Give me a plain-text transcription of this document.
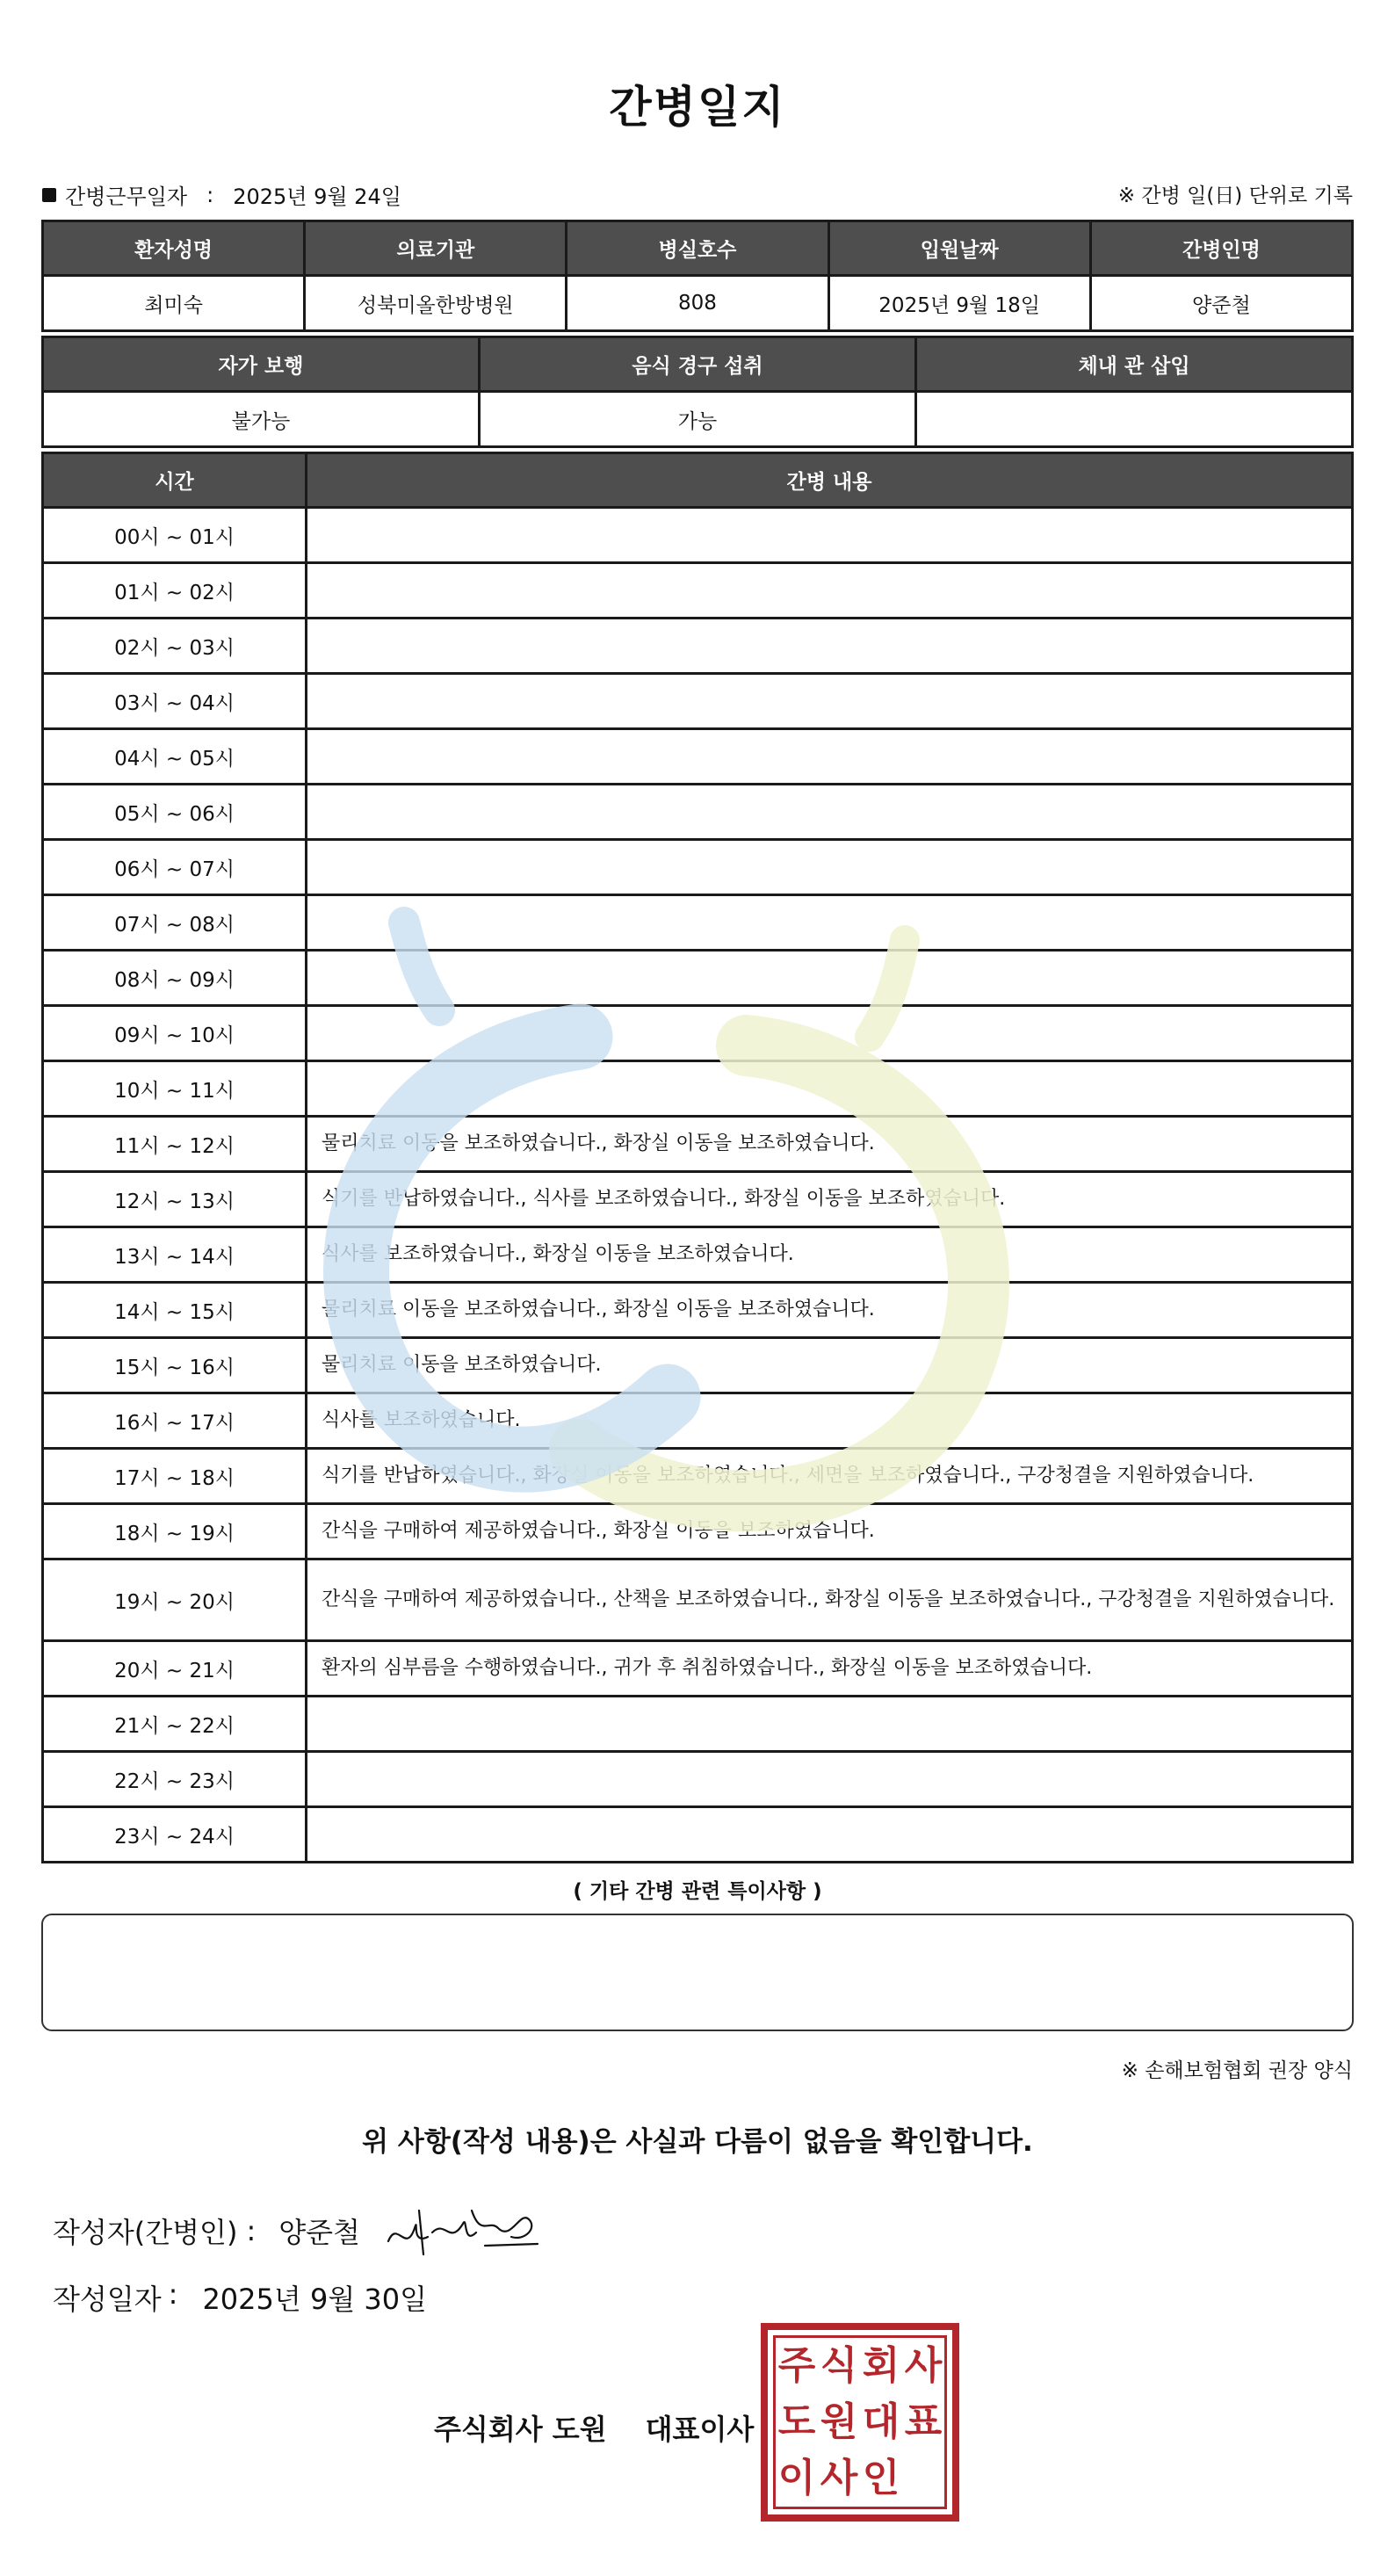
간병일지
간병근무일자 : 2025년 9월 24일	※ 간병 일(日) 단위로 기록
환자성명	의료기관	병실호수	입원날짜	간병인명
최미숙	성북미올한방병원	808	2025년 9월 18일	양준철
자가 보행	음식 경구 섭취	체내 관 삽입
불가능	가능	
시간	간병 내용
00시 ~ 01시	
01시 ~ 02시	
02시 ~ 03시	
03시 ~ 04시	
04시 ~ 05시	
05시 ~ 06시	
06시 ~ 07시	
07시 ~ 08시	
08시 ~ 09시	
09시 ~ 10시	
10시 ~ 11시	
11시 ~ 12시	물리치료 이동을 보조하였습니다., 화장실 이동을 보조하였습니다.
12시 ~ 13시	식기를 반납하였습니다., 식사를 보조하였습니다., 화장실 이동을 보조하였습니다.
13시 ~ 14시	식사를 보조하였습니다., 화장실 이동을 보조하였습니다.
14시 ~ 15시	물리치료 이동을 보조하였습니다., 화장실 이동을 보조하였습니다.
15시 ~ 16시	물리치료 이동을 보조하였습니다.
16시 ~ 17시	식사를 보조하였습니다.
17시 ~ 18시	식기를 반납하였습니다., 화장실 이동을 보조하였습니다., 세면을 보조하였습니다., 구강청결을 지원하였습니다.
18시 ~ 19시	간식을 구매하여 제공하였습니다., 화장실 이동을 보조하였습니다.
19시 ~ 20시	간식을 구매하여 제공하였습니다., 산책을 보조하였습니다., 화장실 이동을 보조하였습니다., 구강청결을 지원하였습니다.
20시 ~ 21시	환자의 심부름을 수행하였습니다., 귀가 후 취침하였습니다., 화장실 이동을 보조하였습니다.
21시 ~ 22시	
22시 ~ 23시	
23시 ~ 24시	
( 기타 간병 관련 특이사항 )
※ 손해보험협회 권장 양식
위 사항(작성 내용)은 사실과 다름이 없음을 확인합니다.
작성자(간병인) : 양준철
작성일자 : 2025년 9월 30일
주식회사 도원 대표이사
주 식 회 사
도 원 대 표
이 사 인
